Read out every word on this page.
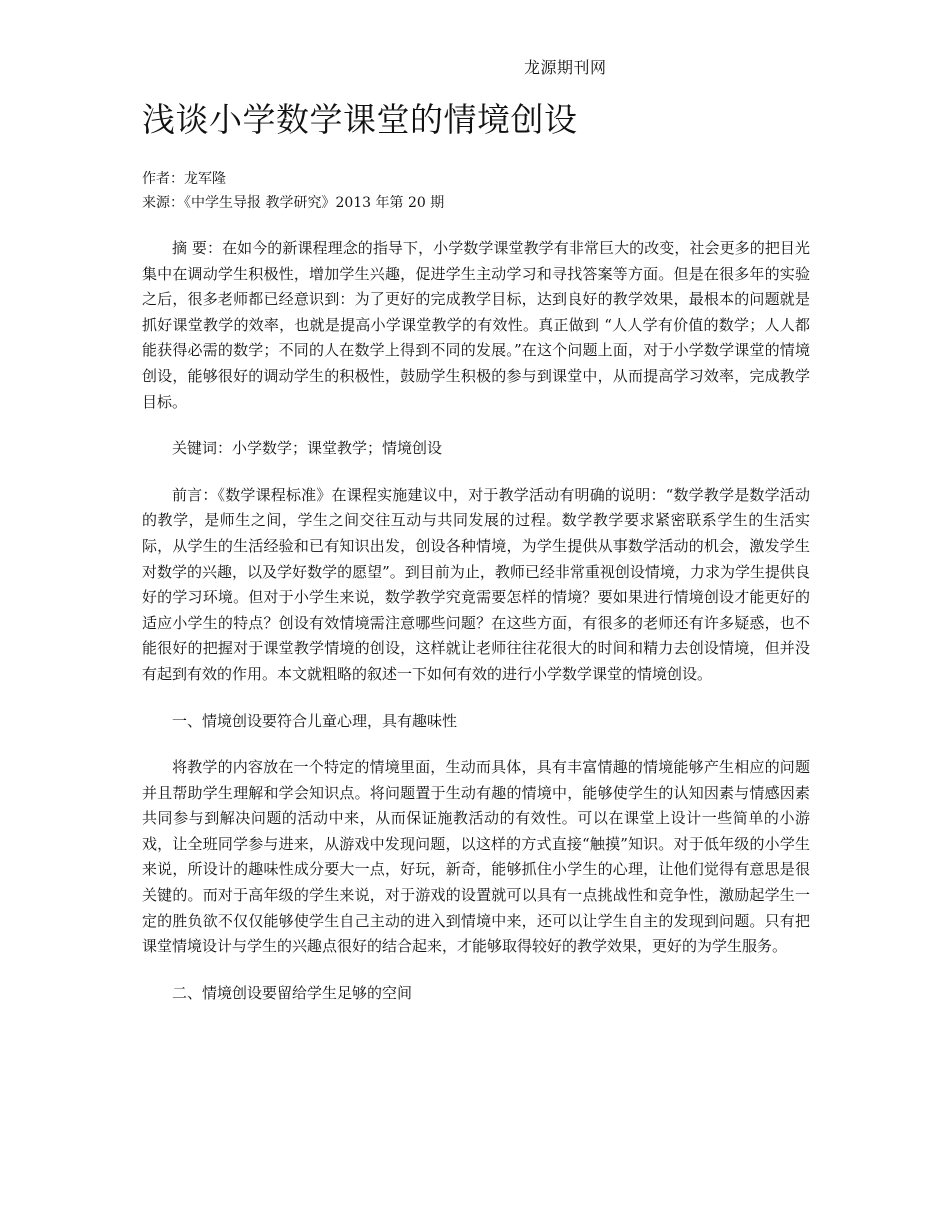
龙源期刊网
浅谈小学数学课堂的情境创设
作者：龙军隆
来源：《中学生导报 教学研究》2013 年第 20 期

摘 要：在如今的新课程理念的指导下，小学数学课堂教学有非常巨大的改变，社会更多的把目光集中在调动学生积极性，增加学生兴趣，促进学生主动学习和寻找答案等方面。但是在很多年的实验之后，很多老师都已经意识到：为了更好的完成教学目标，达到良好的教学效果，最根本的问题就是抓好课堂教学的效率，也就是提高小学课堂教学的有效性。真正做到 “人人学有价值的数学；人人都能获得必需的数学；不同的人在数学上得到不同的发展。”在这个问题上面，对于小学数学课堂的情境创设，能够很好的调动学生的积极性，鼓励学生积极的参与到课堂中，从而提高学习效率，完成教学目标。

关键词：小学数学；课堂教学；情境创设

前言：《数学课程标准》在课程实施建议中，对于教学活动有明确的说明：“数学教学是数学活动的教学，是师生之间，学生之间交往互动与共同发展的过程。数学教学要求紧密联系学生的生活实际，从学生的生活经验和已有知识出发，创设各种情境，为学生提供从事数学活动的机会，激发学生对数学的兴趣，以及学好数学的愿望”。到目前为止，教师已经非常重视创设情境，力求为学生提供良好的学习环境。但对于小学生来说，数学教学究竟需要怎样的情境？要如果进行情境创设才能更好的适应小学生的特点？创设有效情境需注意哪些问题？在这些方面，有很多的老师还有许多疑惑，也不能很好的把握对于课堂教学情境的创设，这样就让老师往往花很大的时间和精力去创设情境，但并没有起到有效的作用。本文就粗略的叙述一下如何有效的进行小学数学课堂的情境创设。

一、情境创设要符合儿童心理，具有趣味性

将教学的内容放在一个特定的情境里面，生动而具体，具有丰富情趣的情境能够产生相应的问题并且帮助学生理解和学会知识点。将问题置于生动有趣的情境中，能够使学生的认知因素与情感因素共同参与到解决问题的活动中来，从而保证施教活动的有效性。可以在课堂上设计一些简单的小游戏，让全班同学参与进来，从游戏中发现问题，以这样的方式直接“触摸”知识。对于低年级的小学生来说，所设计的趣味性成分要大一点，好玩，新奇，能够抓住小学生的心理，让他们觉得有意思是很关键的。而对于高年级的学生来说，对于游戏的设置就可以具有一点挑战性和竞争性，激励起学生一定的胜负欲不仅仅能够使学生自己主动的进入到情境中来，还可以让学生自主的发现到问题。只有把课堂情境设计与学生的兴趣点很好的结合起来，才能够取得较好的教学效果，更好的为学生服务。

二、情境创设要留给学生足够的空间
